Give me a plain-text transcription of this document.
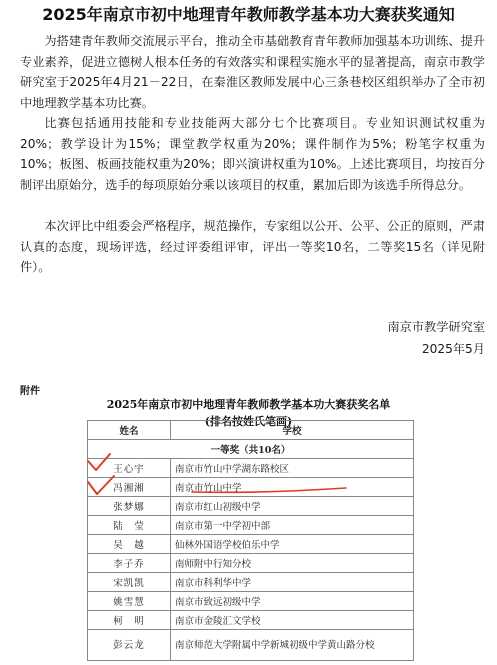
2025年南京市初中地理青年教师教学基本功大赛获奖通知

为搭建青年教师交流展示平台，推动全市基础教育青年教师加强基本功训练、提升专业素养，促进立德树人根本任务的有效落实和课程实施水平的显著提高，南京市教学研究室于2025年4月21－22日，在秦淮区教师发展中心三条巷校区组织举办了全市初中地理教学基本功比赛。

比赛包括通用技能和专业技能两大部分七个比赛项目。专业知识测试权重为20%；教学设计为15%；课堂教学权重为20%；课件制作为5%；粉笔字权重为10%；板图、板画技能权重为20%；即兴演讲权重为10%。上述比赛项目，均按百分制评出原始分，选手的每项原始分乘以该项目的权重，累加后即为该选手所得总分。

本次评比中组委会严格程序，规范操作，专家组以公开、公平、公正的原则，严肃认真的态度，现场评选，经过评委组评审，评出一等奖10名，二等奖15名（详见附件）。

南京市教学研究室
2025年5月
附件
2025年南京市初中地理青年教师教学基本功大赛获奖名单
(排名按姓氏笔画)
姓名	学校
一等奖（共10名）	
王心宇	南京市竹山中学湖东路校区
冯湘湘	南京市竹山中学
张梦娜	南京市红山初级中学
陆　莹	南京市第一中学初中部
吴　越	仙林外国语学校伯乐中学
李子乔	南师附中行知分校
宋凯凯	南京市科利华中学
姚雪慧	南京市致远初级中学
柯　明	南京市金陵汇文学校
彭云龙	南京师范大学附属中学新城初级中学黄山路分校
